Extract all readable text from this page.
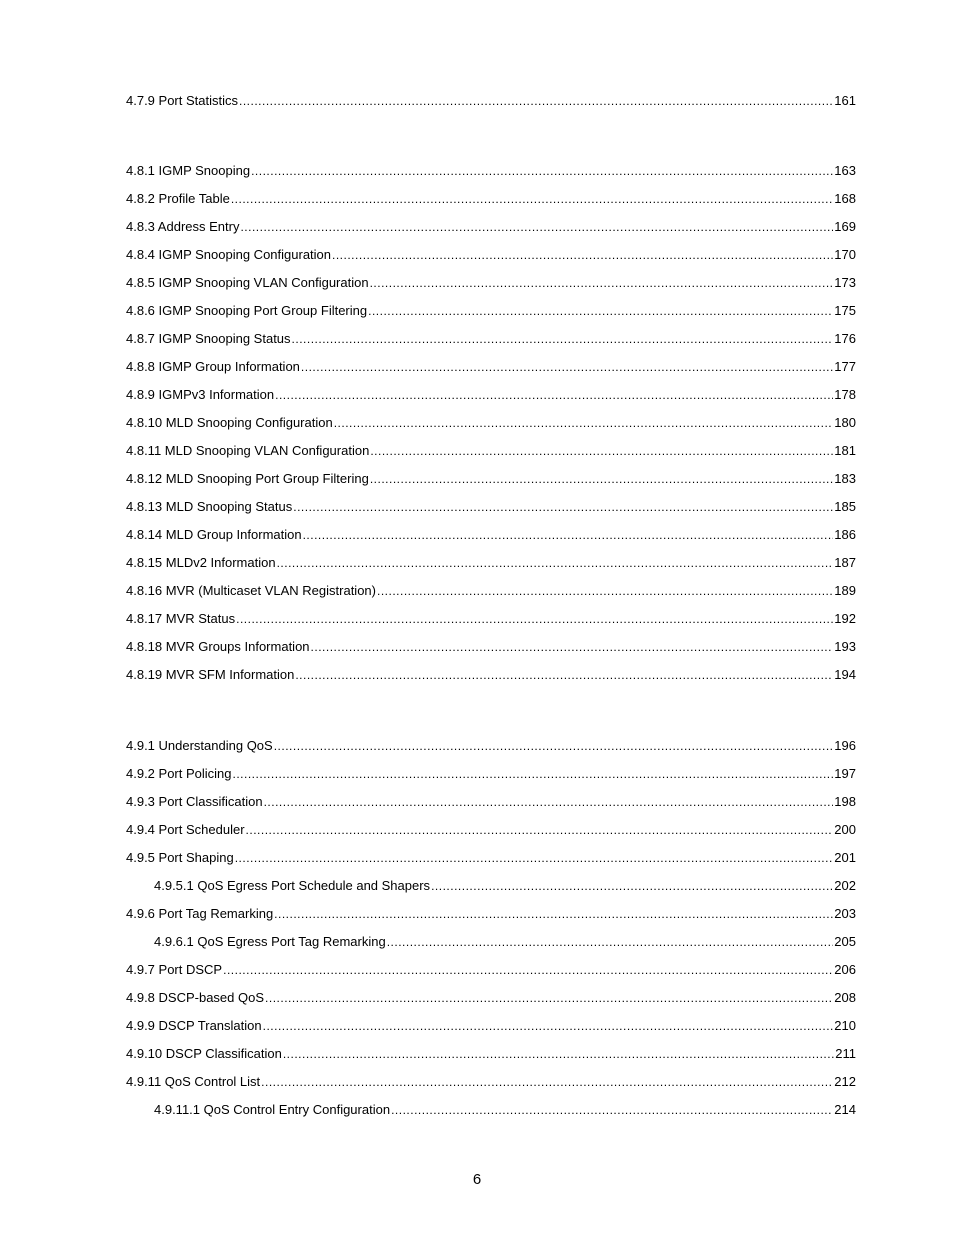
4.7.9 Port Statistics .....	161
4.8.1 IGMP Snooping .....	163
4.8.2 Profile Table .....	168
4.8.3 Address Entry .....	169
4.8.4 IGMP Snooping Configuration .....	170
4.8.5 IGMP Snooping VLAN Configuration .....	173
4.8.6 IGMP Snooping Port Group Filtering .....	175
4.8.7 IGMP Snooping Status .....	176
4.8.8 IGMP Group Information .....	177
4.8.9 IGMPv3 Information .....	178
4.8.10 MLD Snooping Configuration .....	180
4.8.11 MLD Snooping VLAN Configuration .....	181
4.8.12 MLD Snooping Port Group Filtering .....	183
4.8.13 MLD Snooping Status .....	185
4.8.14 MLD Group Information .....	186
4.8.15 MLDv2 Information .....	187
4.8.16 MVR (Multicaset VLAN Registration) .....	189
4.8.17 MVR Status .....	192
4.8.18 MVR Groups Information .....	193
4.8.19 MVR SFM Information .....	194
4.9.1 Understanding QoS .....	196
4.9.2 Port Policing .....	197
4.9.3 Port Classification .....	198
4.9.4 Port Scheduler .....	200
4.9.5 Port Shaping .....	201
4.9.5.1 QoS Egress Port Schedule and Shapers .....	202
4.9.6 Port Tag Remarking .....	203
4.9.6.1 QoS Egress Port Tag Remarking .....	205
4.9.7 Port DSCP .....	206
4.9.8 DSCP-based QoS .....	208
4.9.9 DSCP Translation .....	210
4.9.10 DSCP Classification .....	211
4.9.11 QoS Control List .....	212
4.9.11.1 QoS Control Entry Configuration .....	214
6
